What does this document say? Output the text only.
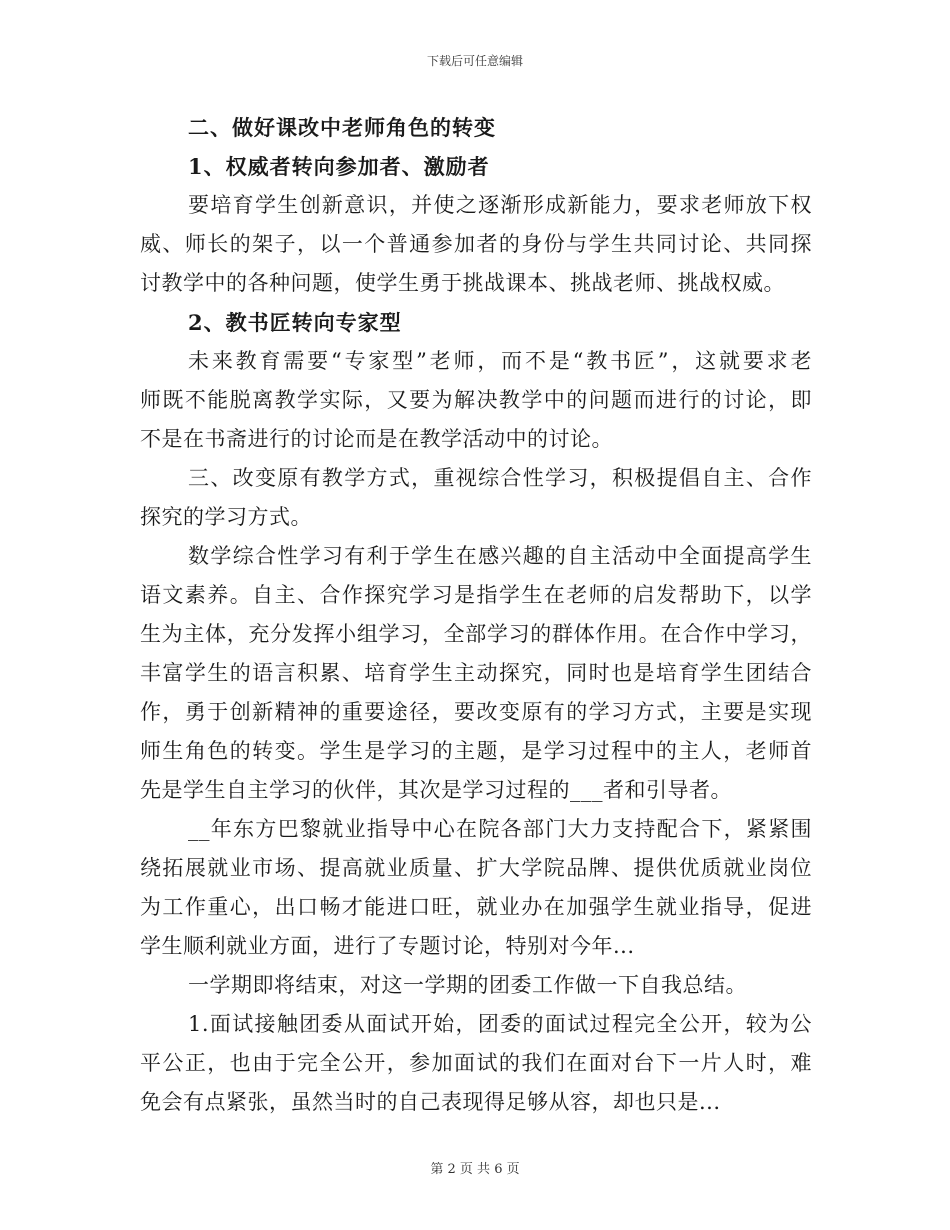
下载后可任意编辑
二、做好课改中老师角色的转变
1、权威者转向参加者、激励者
要培育学生创新意识，并使之逐渐形成新能力，要求老师放下权
威、师长的架子，以一个普通参加者的身份与学生共同讨论、共同探
讨教学中的各种问题，使学生勇于挑战课本、挑战老师、挑战权威。
2、教书匠转向专家型
未来教育需要“专家型”老师，而不是“教书匠”，这就要求老
师既不能脱离教学实际，又要为解决教学中的问题而进行的讨论，即
不是在书斋进行的讨论而是在教学活动中的讨论。
三、改变原有教学方式，重视综合性学习，积极提倡自主、合作
探究的学习方式。
数学综合性学习有利于学生在感兴趣的自主活动中全面提高学生
语文素养。自主、合作探究学习是指学生在老师的启发帮助下，以学
生为主体，充分发挥小组学习，全部学习的群体作用。在合作中学习，
丰富学生的语言积累、培育学生主动探究，同时也是培育学生团结合
作，勇于创新精神的重要途径，要改变原有的学习方式，主要是实现
师生角色的转变。学生是学习的主题，是学习过程中的主人，老师首
先是学生自主学习的伙伴，其次是学习过程的___者和引导者。
__年东方巴黎就业指导中心在院各部门大力支持配合下，紧紧围
绕拓展就业市场、提高就业质量、扩大学院品牌、提供优质就业岗位
为工作重心，出口畅才能进口旺，就业办在加强学生就业指导，促进
学生顺利就业方面，进行了专题讨论，特别对今年...
一学期即将结束，对这一学期的团委工作做一下自我总结。
1.面试接触团委从面试开始，团委的面试过程完全公开，较为公
平公正，也由于完全公开，参加面试的我们在面对台下一片人时，难
免会有点紧张，虽然当时的自己表现得足够从容，却也只是...
第 2 页 共 6 页
